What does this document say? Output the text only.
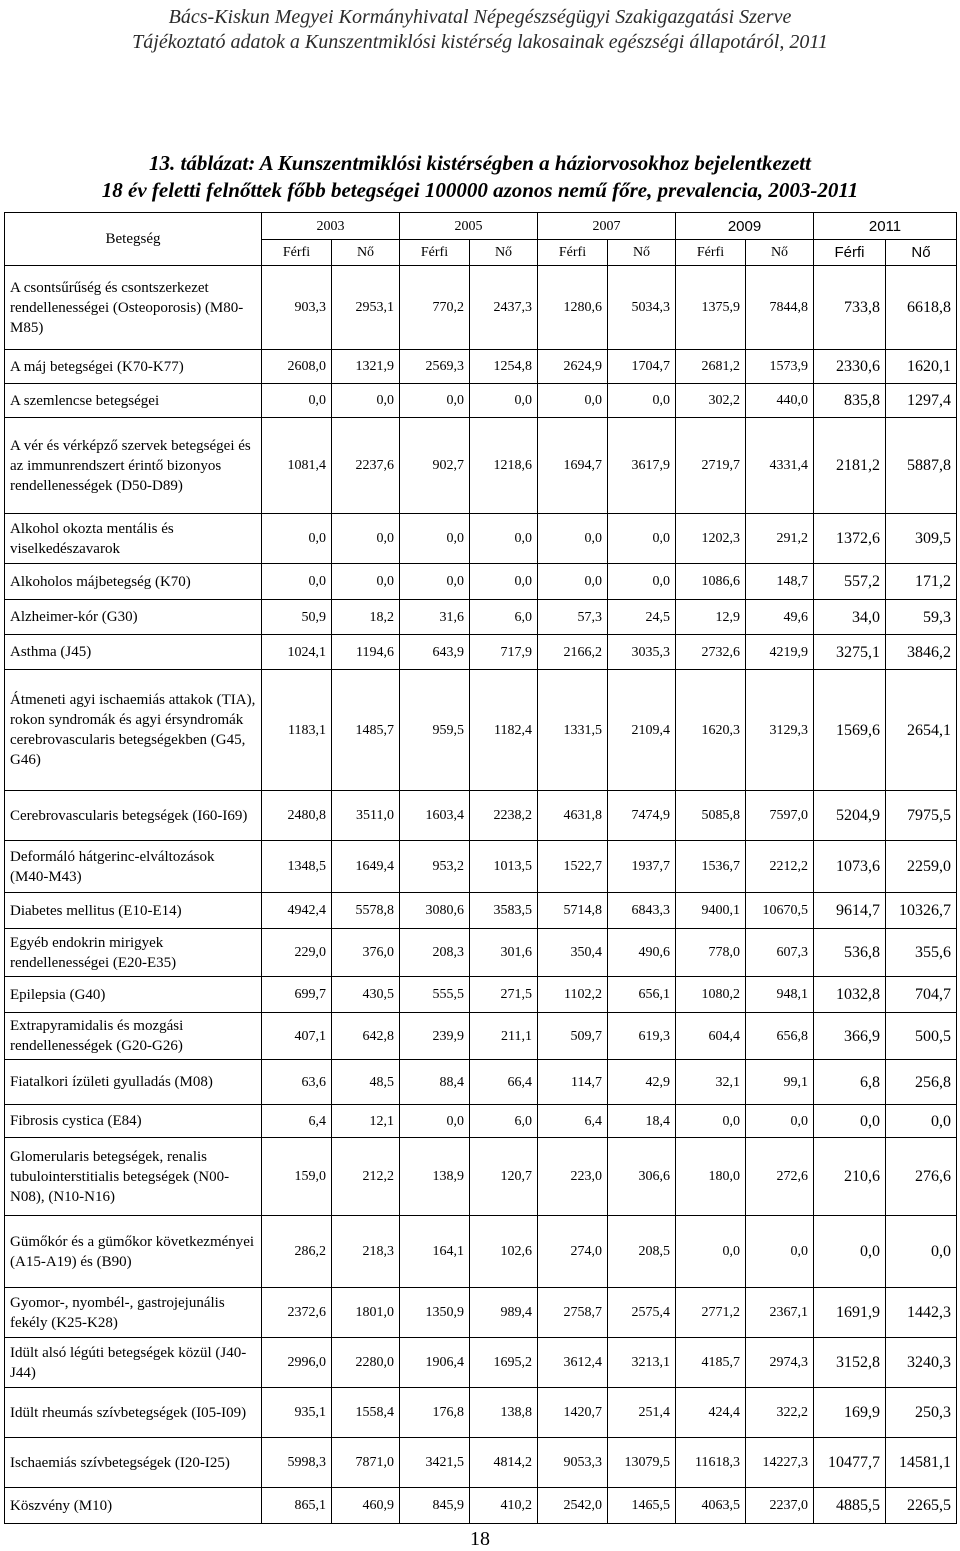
Bács-Kiskun Megyei Kormányhivatal Népegészségügyi Szakigazgatási Szerve
Tájékoztató adatok a Kunszentmiklósi kistérség lakosainak egészségi állapotáról, 2011
13. táblázat: A Kunszentmiklósi kistérségben a háziorvosokhoz bejelentkezett
18 év feletti felnőttek főbb betegségei 100000 azonos nemű főre, prevalencia, 2003-2011
Betegség	2003		2005		2007		2009		2011	
	Férfi	Nő	Férfi	Nő	Férfi	Nő	Férfi	Nő	Férfi	Nő
A csontsűrűség és csontszerkezet rendellenességei (Osteoporosis) (M80-M85)	903,3	2953,1	770,2	2437,3	1280,6	5034,3	1375,9	7844,8	733,8	6618,8
A máj betegségei (K70-K77)	2608,0	1321,9	2569,3	1254,8	2624,9	1704,7	2681,2	1573,9	2330,6	1620,1
A szemlencse betegségei	0,0	0,0	0,0	0,0	0,0	0,0	302,2	440,0	835,8	1297,4
A vér és vérképző szervek betegségei és az immunrendszert érintő bizonyos rendellenességek (D50-D89)	1081,4	2237,6	902,7	1218,6	1694,7	3617,9	2719,7	4331,4	2181,2	5887,8
Alkohol okozta mentális és viselkedészavarok	0,0	0,0	0,0	0,0	0,0	0,0	1202,3	291,2	1372,6	309,5
Alkoholos májbetegség (K70)	0,0	0,0	0,0	0,0	0,0	0,0	1086,6	148,7	557,2	171,2
Alzheimer-kór (G30)	50,9	18,2	31,6	6,0	57,3	24,5	12,9	49,6	34,0	59,3
Asthma (J45)	1024,1	1194,6	643,9	717,9	2166,2	3035,3	2732,6	4219,9	3275,1	3846,2
Átmeneti agyi ischaemiás attakok (TIA), rokon syndromák és agyi érsyndromák cerebrovascularis betegségekben (G45, G46)	1183,1	1485,7	959,5	1182,4	1331,5	2109,4	1620,3	3129,3	1569,6	2654,1
Cerebrovascularis betegségek (I60-I69)	2480,8	3511,0	1603,4	2238,2	4631,8	7474,9	5085,8	7597,0	5204,9	7975,5
Deformáló hátgerinc-elváltozások (M40-M43)	1348,5	1649,4	953,2	1013,5	1522,7	1937,7	1536,7	2212,2	1073,6	2259,0
Diabetes mellitus (E10-E14)	4942,4	5578,8	3080,6	3583,5	5714,8	6843,3	9400,1	10670,5	9614,7	10326,7
Egyéb endokrin mirigyek rendellenességei (E20-E35)	229,0	376,0	208,3	301,6	350,4	490,6	778,0	607,3	536,8	355,6
Epilepsia (G40)	699,7	430,5	555,5	271,5	1102,2	656,1	1080,2	948,1	1032,8	704,7
Extrapyramidalis és mozgási rendellenességek (G20-G26)	407,1	642,8	239,9	211,1	509,7	619,3	604,4	656,8	366,9	500,5
Fiatalkori ízületi gyulladás (M08)	63,6	48,5	88,4	66,4	114,7	42,9	32,1	99,1	6,8	256,8
Fibrosis cystica (E84)	6,4	12,1	0,0	6,0	6,4	18,4	0,0	0,0	0,0	0,0
Glomerularis betegségek, renalis tubulointerstitialis betegségek (N00-N08), (N10-N16)	159,0	212,2	138,9	120,7	223,0	306,6	180,0	272,6	210,6	276,6
Gümőkór és a gümőkor következményei (A15-A19) és (B90)	286,2	218,3	164,1	102,6	274,0	208,5	0,0	0,0	0,0	0,0
Gyomor-, nyombél-, gastrojejunális fekély (K25-K28)	2372,6	1801,0	1350,9	989,4	2758,7	2575,4	2771,2	2367,1	1691,9	1442,3
Idült alsó légúti betegségek közül (J40-J44)	2996,0	2280,0	1906,4	1695,2	3612,4	3213,1	4185,7	2974,3	3152,8	3240,3
Idült rheumás szívbetegségek (I05-I09)	935,1	1558,4	176,8	138,8	1420,7	251,4	424,4	322,2	169,9	250,3
Ischaemiás szívbetegségek (I20-I25)	5998,3	7871,0	3421,5	4814,2	9053,3	13079,5	11618,3	14227,3	10477,7	14581,1
Köszvény (M10)	865,1	460,9	845,9	410,2	2542,0	1465,5	4063,5	2237,0	4885,5	2265,5
18
